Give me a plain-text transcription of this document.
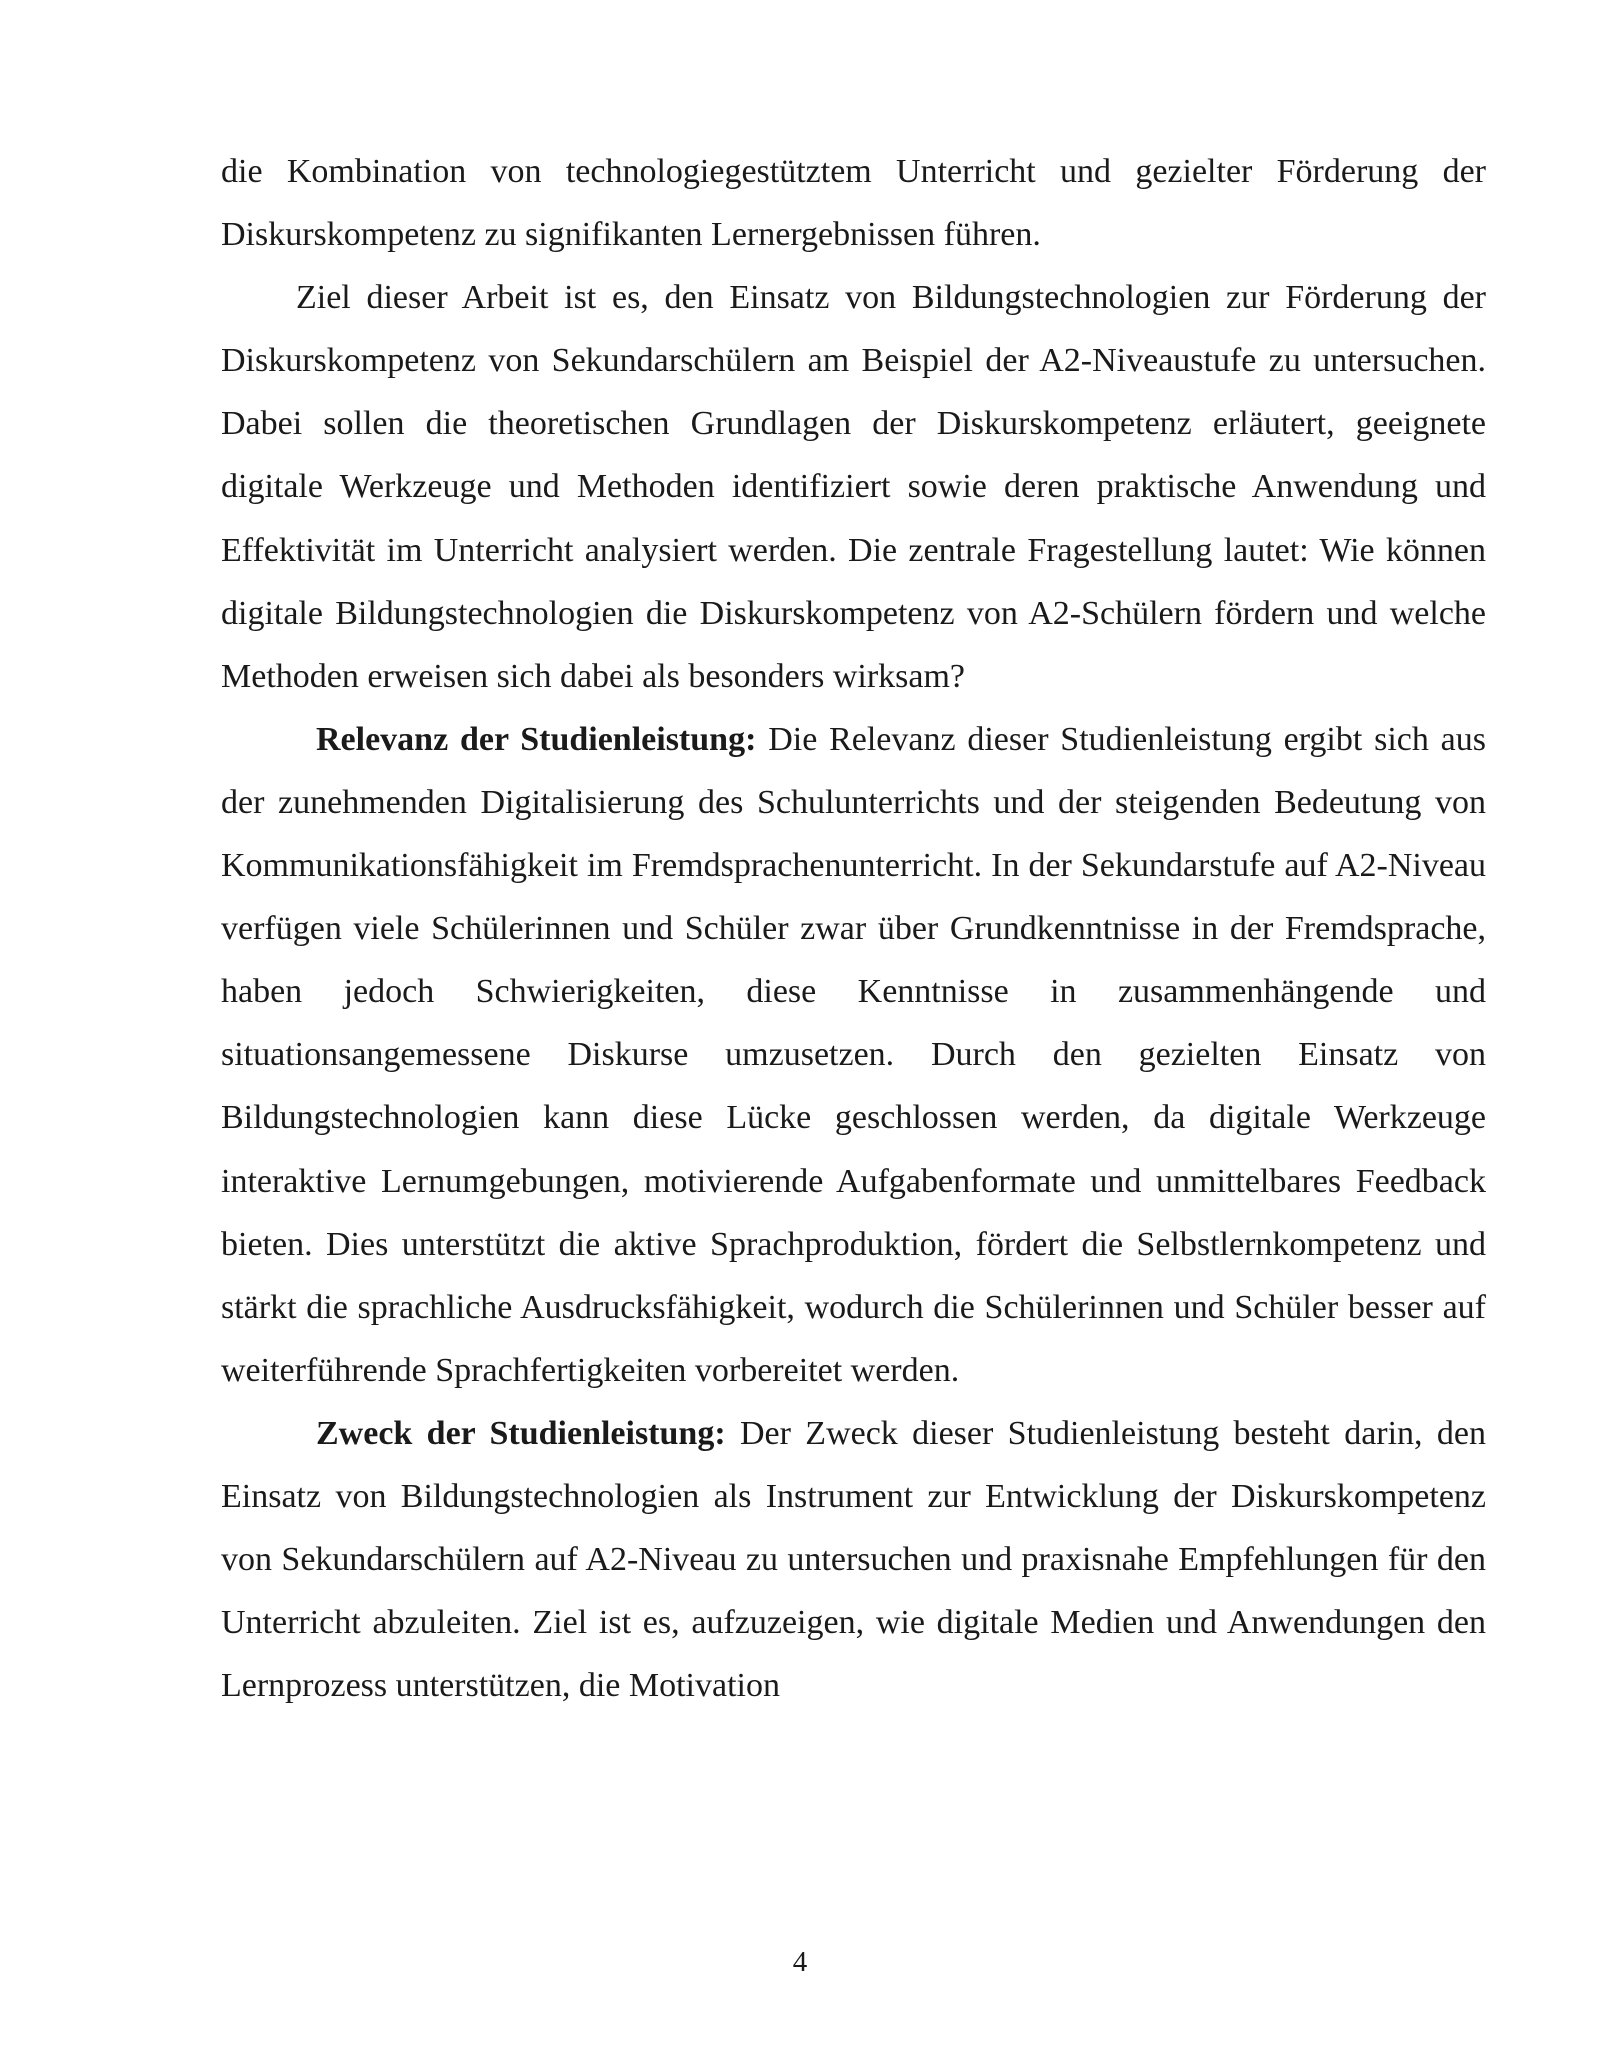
die Kombination von technologiegestütztem Unterricht und gezielter Förderung der Diskurskompetenz zu signifikanten Lernergebnissen führen.

Ziel dieser Arbeit ist es, den Einsatz von Bildungstechnologien zur Förderung der Diskurskompetenz von Sekundarschülern am Beispiel der A2-Niveaustufe zu untersuchen. Dabei sollen die theoretischen Grundlagen der Diskurskompetenz erläutert, geeignete digitale Werkzeuge und Methoden identifiziert sowie deren praktische Anwendung und Effektivität im Unterricht analysiert werden. Die zentrale Fragestellung lautet: Wie können digitale Bildungstechnologien die Diskurskompetenz von A2-Schülern fördern und welche Methoden erweisen sich dabei als besonders wirksam?

Relevanz der Studienleistung: Die Relevanz dieser Studienleistung ergibt sich aus der zunehmenden Digitalisierung des Schulunterrichts und der steigenden Bedeutung von Kommunikationsfähigkeit im Fremdsprachenunterricht. In der Sekundarstufe auf A2-Niveau verfügen viele Schülerinnen und Schüler zwar über Grundkenntnisse in der Fremdsprache, haben jedoch Schwierigkeiten, diese Kenntnisse in zusammenhängende und situationsangemessene Diskurse umzusetzen. Durch den gezielten Einsatz von Bildungstechnologien kann diese Lücke geschlossen werden, da digitale Werkzeuge interaktive Lernumgebungen, motivierende Aufgabenformate und unmittelbares Feedback bieten. Dies unterstützt die aktive Sprachproduktion, fördert die Selbstlernkompetenz und stärkt die sprachliche Ausdrucksfähigkeit, wodurch die Schülerinnen und Schüler besser auf weiterführende Sprachfertigkeiten vorbereitet werden.

Zweck der Studienleistung: Der Zweck dieser Studienleistung besteht darin, den Einsatz von Bildungstechnologien als Instrument zur Entwicklung der Diskurskompetenz von Sekundarschülern auf A2-Niveau zu untersuchen und praxisnahe Empfehlungen für den Unterricht abzuleiten. Ziel ist es, aufzuzeigen, wie digitale Medien und Anwendungen den Lernprozess unterstützen, die Motivation

4
